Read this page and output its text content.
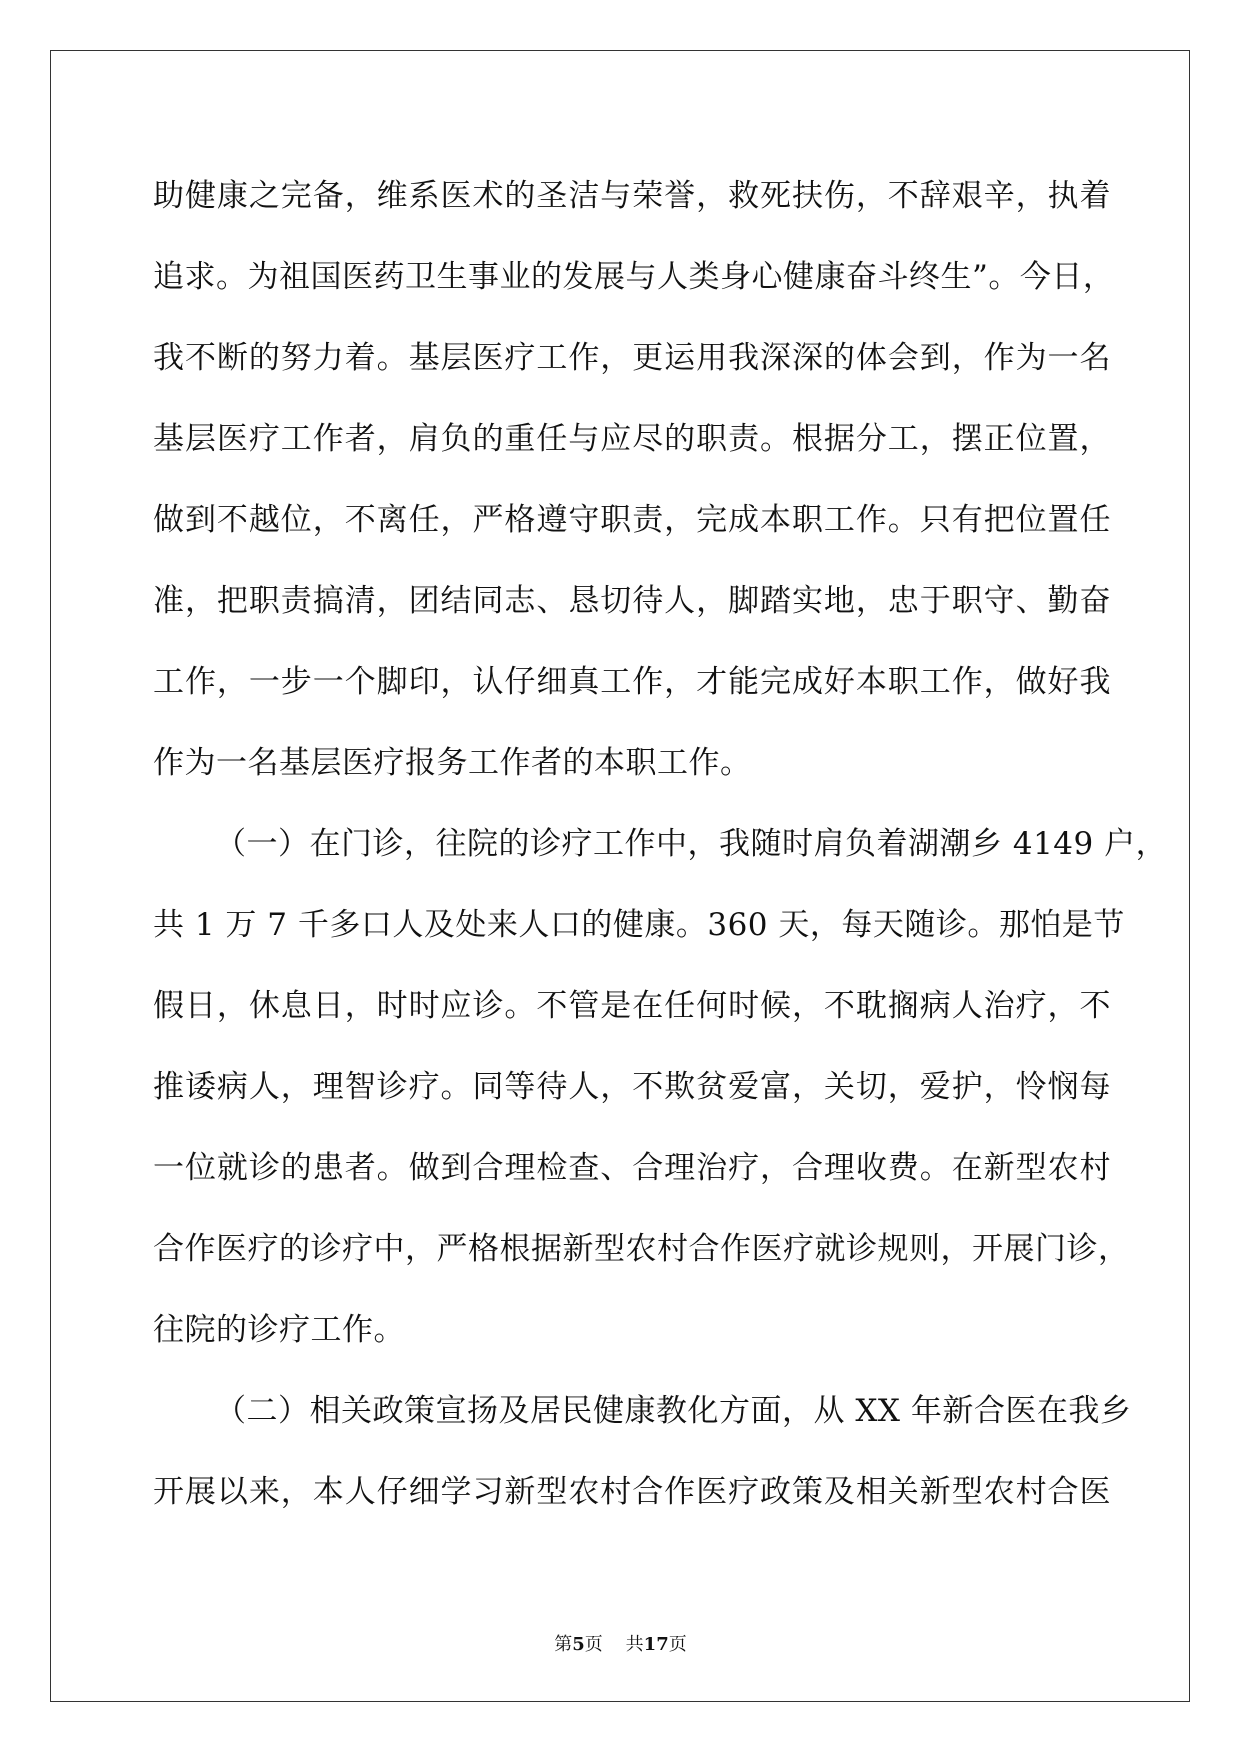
助健康之完备，维系医术的圣洁与荣誉，救死扶伤，不辞艰辛，执着
追求。为祖国医药卫生事业的发展与人类身心健康奋斗终生”。今日，
我不断的努力着。基层医疗工作，更运用我深深的体会到，作为一名
基层医疗工作者，肩负的重任与应尽的职责。根据分工，摆正位置，
做到不越位，不离任，严格遵守职责，完成本职工作。只有把位置任
准，把职责搞清，团结同志、恳切待人，脚踏实地，忠于职守、勤奋
工作，一步一个脚印，认仔细真工作，才能完成好本职工作，做好我
作为一名基层医疗报务工作者的本职工作。
（一）在门诊，往院的诊疗工作中，我随时肩负着湖潮乡 4149 户，
共 1 万 7 千多口人及处来人口的健康。360 天，每天随诊。那怕是节
假日，休息日，时时应诊。不管是在任何时候，不耽搁病人治疗，不
推诿病人，理智诊疗。同等待人，不欺贫爱富，关切，爱护，怜悯每
一位就诊的患者。做到合理检查、合理治疗，合理收费。在新型农村
合作医疗的诊疗中，严格根据新型农村合作医疗就诊规则，开展门诊，
往院的诊疗工作。
（二）相关政策宣扬及居民健康教化方面，从 XX 年新合医在我乡
开展以来，本人仔细学习新型农村合作医疗政策及相关新型农村合医
第5页 共17页
